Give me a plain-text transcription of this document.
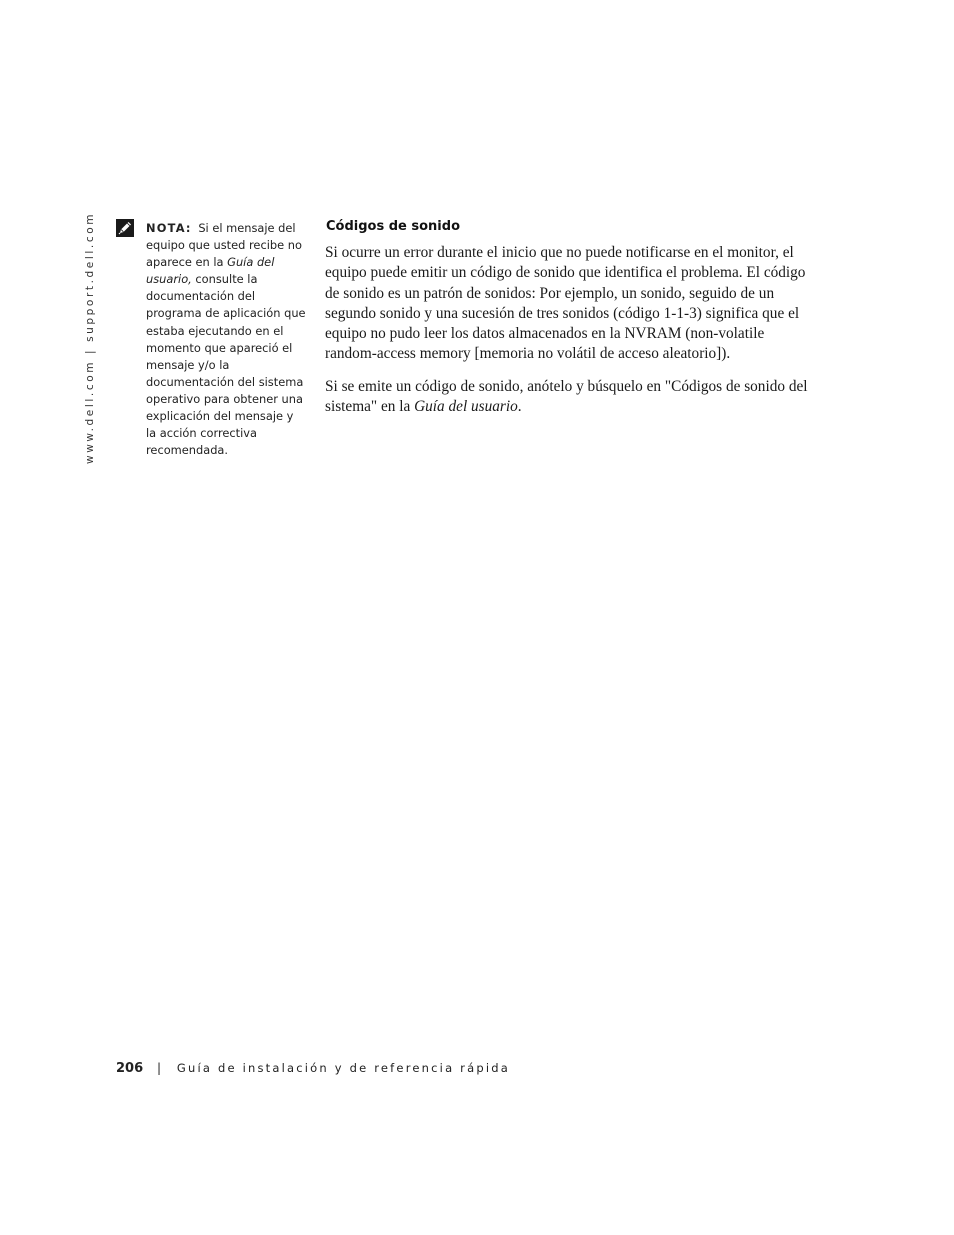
www.dell.com | support.dell.com	NOTA: Si el mensaje del equipo que usted recibe no aparece en la Guía del usuario, consulte la documentación del programa de aplicación que estaba ejecutando en el momento que apareció el mensaje y/o la documentación del sistema operativo para obtener una explicación del mensaje y la acción correctiva recomendada.
Códigos de sonido

Si ocurre un error durante el inicio que no puede notificarse en el monitor, el equipo puede emitir un código de sonido que identifica el problema. El código de sonido es un patrón de sonidos: Por ejemplo, un sonido, seguido de un segundo sonido y una sucesión de tres sonidos (código 1-1-3) significa que el equipo no pudo leer los datos almacenados en la NVRAM (non-volatile random-access memory [memoria no volátil de acceso aleatorio]).

Si se emite un código de sonido, anótelo y búsquelo en "Códigos de sonido del sistema" en la Guía del usuario.

206 | Guía de instalación y de referencia rápida
